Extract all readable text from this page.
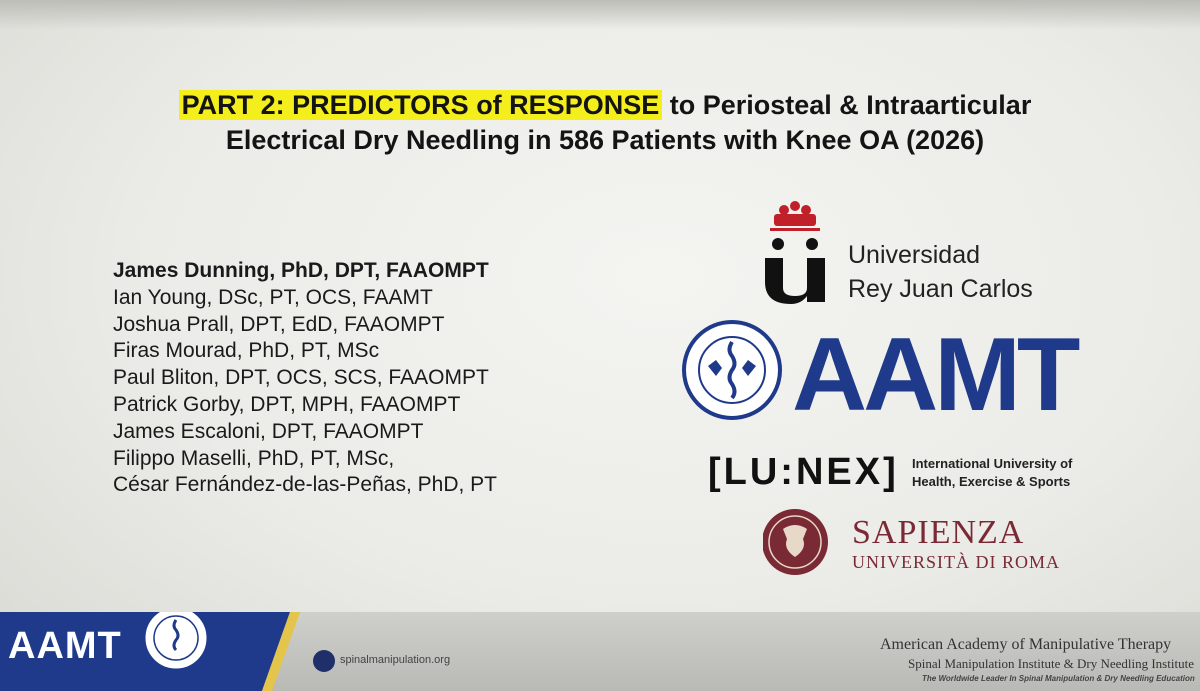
PART 2: PREDICTORS of RESPONSE to Periosteal & Intraarticular
Electrical Dry Needling in 586 Patients with Knee OA (2026)
James Dunning, PhD, DPT, FAAOMPT
Ian Young, DSc, PT, OCS, FAAMT
Joshua Prall, DPT, EdD, FAAOMPT
Firas Mourad, PhD, PT, MSc
Paul Bliton, DPT, OCS, SCS, FAAOMPT
Patrick Gorby, DPT, MPH, FAAOMPT
James Escaloni, DPT, FAAOMPT
Filippo Maselli, PhD, PT, MSc,
César Fernández-de-las-Peñas, PhD, PT
Universidad
Rey Juan Carlos
AAMT
[LU:NEX] International University of
Health, Exercise & Sports
SAPIENZA
UNIVERSITÀ DI ROMA
AAMT	spinalmanipulation.org
American Academy of Manipulative Therapy
Spinal Manipulation Institute & Dry Needling Institute
The Worldwide Leader In Spinal Manipulation & Dry Needling Education
